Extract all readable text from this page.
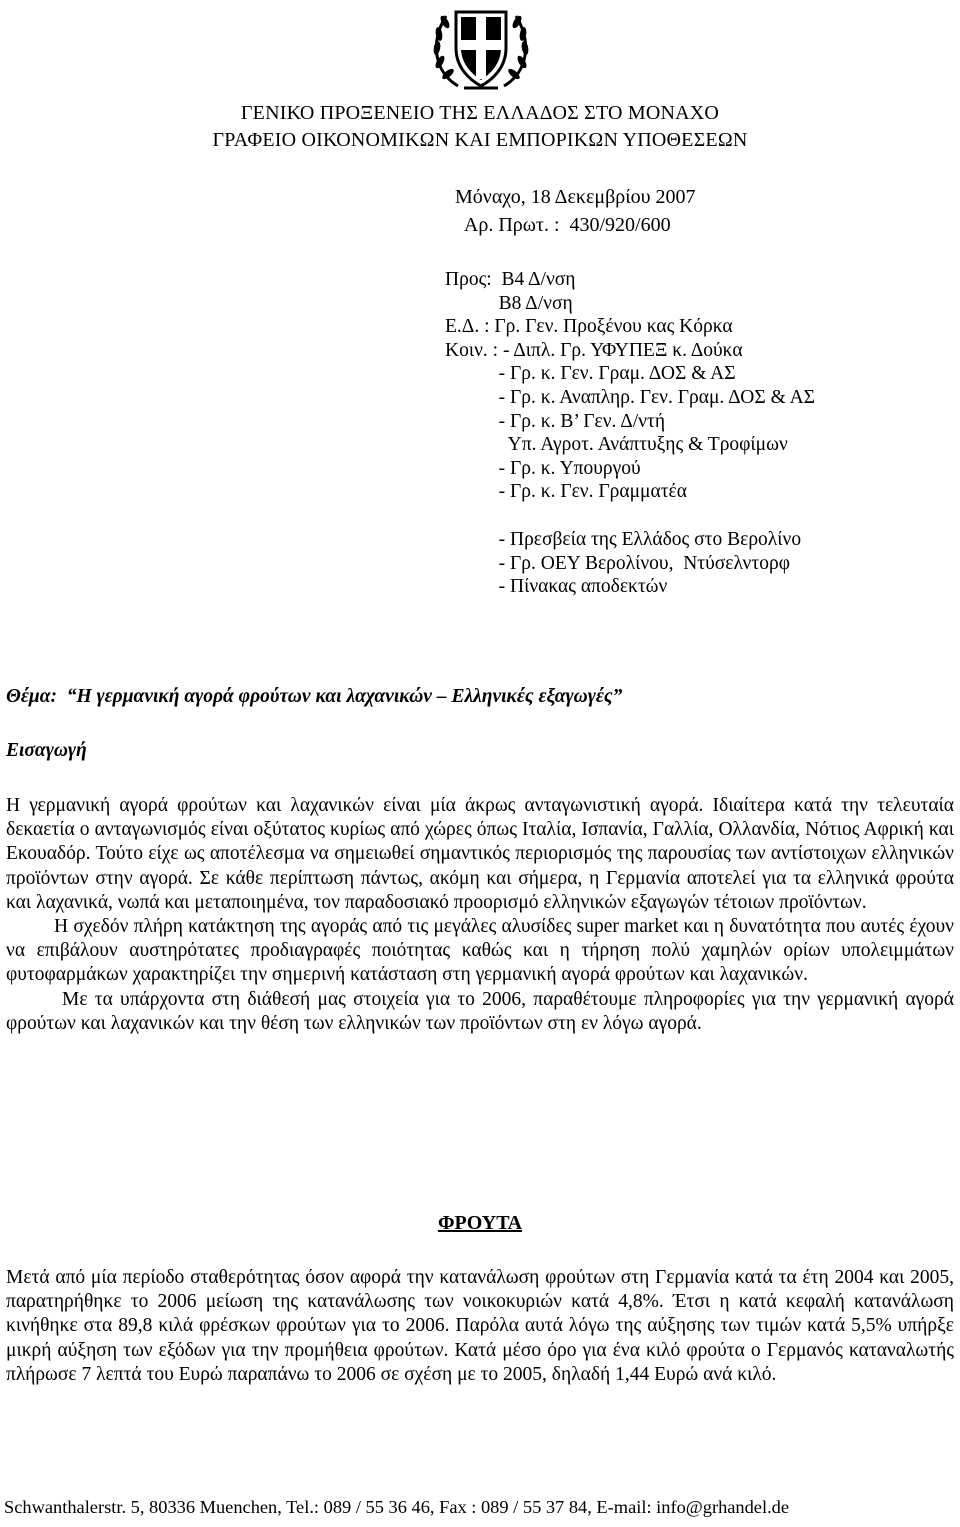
ΓΕΝΙΚΟ ΠΡΟΞΕΝΕΙΟ ΤΗΣ ΕΛΛΑΔΟΣ ΣΤΟ ΜΟΝΑΧΟ
ΓΡΑΦΕΙΟ ΟΙΚΟΝΟΜΙΚΩΝ ΚΑΙ ΕΜΠΟΡΙΚΩΝ ΥΠΟΘΕΣΕΩΝ
Μόναχο, 18 Δεκεμβρίου 2007
Αρ. Πρωτ. :  430/920/600
Προς:  Β4 Δ/νση
Β8 Δ/νση
Ε.Δ. : Γρ. Γεν. Προξένου κας Κόρκα
Κοιν. : - Διπλ. Γρ. ΥΦΥΠΕΞ κ. Δούκα
- Γρ. κ. Γεν. Γραμ. ΔΟΣ & ΑΣ
- Γρ. κ. Αναπληρ. Γεν. Γραμ. ΔΟΣ & ΑΣ
- Γρ. κ. Β’ Γεν. Δ/ντή
Υπ. Αγροτ. Ανάπτυξης & Τροφίμων
- Γρ. κ. Υπουργού
- Γρ. κ. Γεν. Γραμματέα
- Πρεσβεία της Ελλάδος στο Βερολίνο
- Γρ. ΟΕΥ Βερολίνου,  Ντύσελντορφ
- Πίνακας αποδεκτών
Θέμα:  “Η γερμανική αγορά φρούτων και λαχανικών – Ελληνικές εξαγωγές”
Εισαγωγή

Η γερμανική αγορά φρούτων και λαχανικών είναι μία άκρως ανταγωνιστική αγορά. Ιδιαίτερα κατά την τελευταία δεκαετία ο ανταγωνισμός είναι οξύτατος κυρίως από χώρες όπως Ιταλία, Ισπανία, Γαλλία, Ολλανδία, Νότιος Αφρική και Εκουαδόρ. Τούτο είχε ως αποτέλεσμα να σημειωθεί σημαντικός περιορισμός της παρουσίας των αντίστοιχων ελληνικών προϊόντων στην αγορά. Σε κάθε περίπτωση πάντως, ακόμη και σήμερα, η Γερμανία αποτελεί για τα ελληνικά φρούτα και λαχανικά, νωπά και μεταποιημένα, τον παραδοσιακό προορισμό ελληνικών εξαγωγών τέτοιων προϊόντων.

Η σχεδόν πλήρη κατάκτηση της αγοράς από τις μεγάλες αλυσίδες super market και η δυνατότητα που αυτές έχουν να επιβάλουν αυστηρότατες προδιαγραφές ποιότητας καθώς και η τήρηση πολύ χαμηλών ορίων υπολειμμάτων φυτοφαρμάκων χαρακτηρίζει την σημερινή κατάσταση στη γερμανική αγορά φρούτων και λαχανικών.

Με τα υπάρχοντα στη διάθεσή μας στοιχεία για το 2006, παραθέτουμε πληροφορίες για την γερμανική αγορά φρούτων και λαχανικών και την θέση των ελληνικών των προϊόντων στη εν λόγω αγορά.

ΦΡΟΥΤΑ

Μετά από μία περίοδο σταθερότητας όσον αφορά την κατανάλωση φρούτων στη Γερμανία κατά τα έτη 2004 και 2005, παρατηρήθηκε το 2006 μείωση της κατανάλωσης των νοικοκυριών κατά 4,8%. Έτσι η κατά κεφαλή κατανάλωση κινήθηκε στα 89,8 κιλά φρέσκων φρούτων για το 2006. Παρόλα αυτά λόγω της αύξησης των τιμών κατά 5,5% υπήρξε μικρή αύξηση των εξόδων για την προμήθεια φρούτων. Κατά μέσο όρο για ένα κιλό φρούτα ο Γερμανός καταναλωτής πλήρωσε 7 λεπτά του Ευρώ παραπάνω το 2006 σε σχέση με το 2005, δηλαδή 1,44 Ευρώ ανά κιλό.

Schwanthalerstr. 5, 80336 Muenchen, Tel.: 089 / 55 36 46, Fax : 089 / 55 37 84, E-mail: info@grhandel.de
